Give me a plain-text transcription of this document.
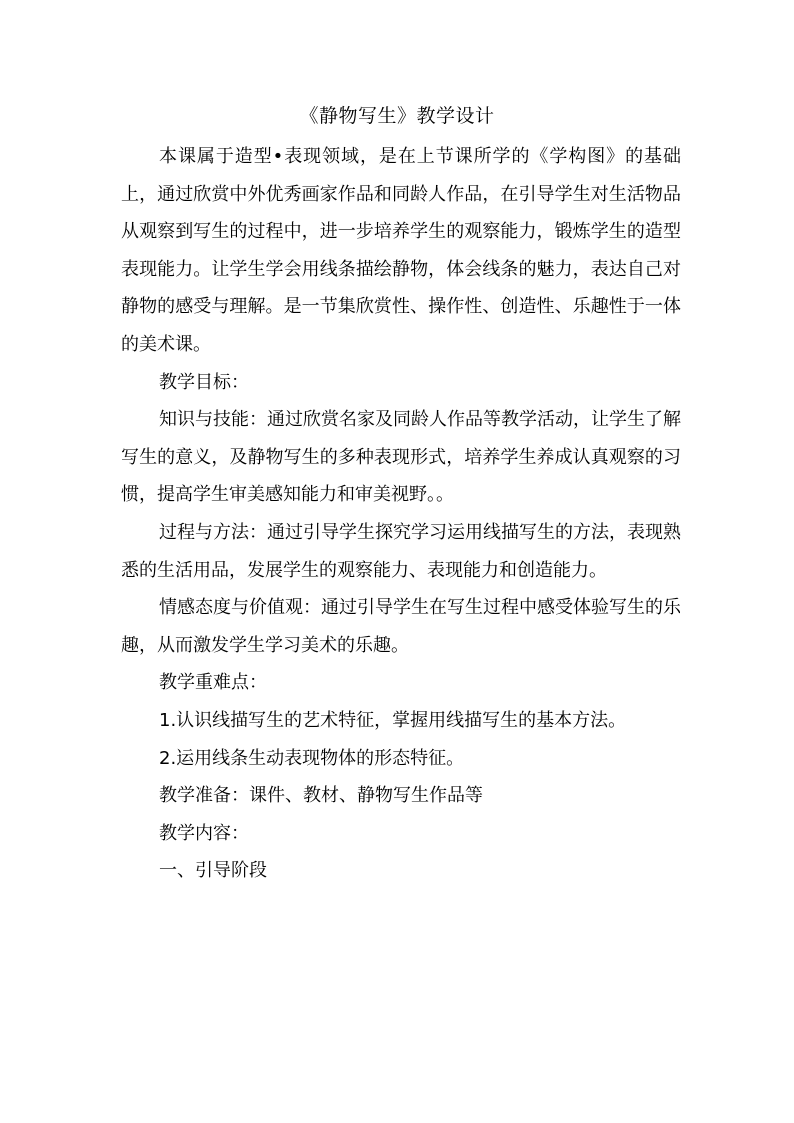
《静物写生》教学设计

本课属于造型•表现领域，是在上节课所学的《学构图》的基础上，通过欣赏中外优秀画家作品和同龄人作品，在引导学生对生活物品从观察到写生的过程中，进一步培养学生的观察能力，锻炼学生的造型表现能力。让学生学会用线条描绘静物，体会线条的魅力，表达自己对静物的感受与理解。是一节集欣赏性、操作性、创造性、乐趣性于一体的美术课。

教学目标：

知识与技能：通过欣赏名家及同龄人作品等教学活动，让学生了解写生的意义，及静物写生的多种表现形式，培养学生养成认真观察的习惯，提高学生审美感知能力和审美视野。。

过程与方法：通过引导学生探究学习运用线描写生的方法，表现熟悉的生活用品，发展学生的观察能力、表现能力和创造能力。

情感态度与价值观：通过引导学生在写生过程中感受体验写生的乐趣，从而激发学生学习美术的乐趣。

教学重难点：

1.认识线描写生的艺术特征，掌握用线描写生的基本方法。

2.运用线条生动表现物体的形态特征。

教学准备：课件、教材、静物写生作品等

教学内容：

一、引导阶段
